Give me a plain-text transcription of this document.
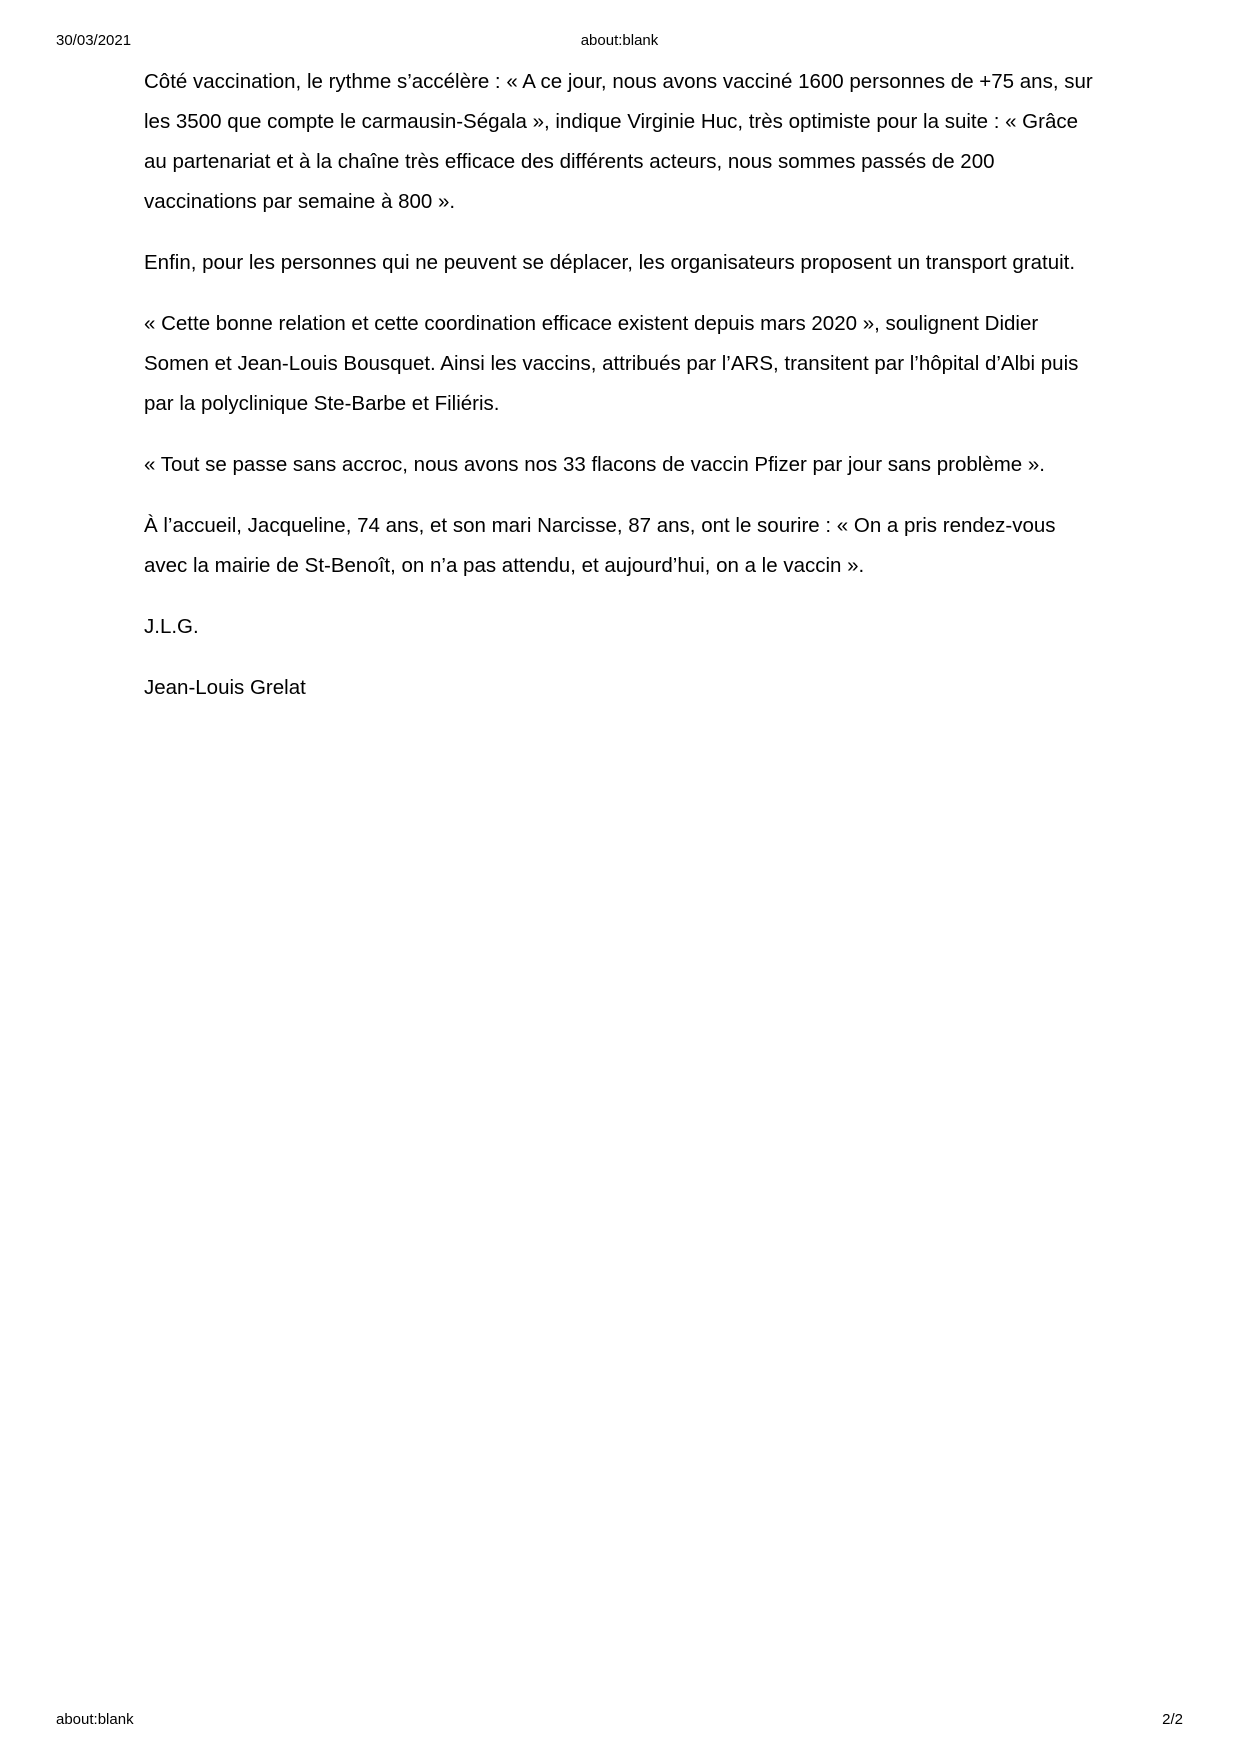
30/03/2021	about:blank

Côté vaccination, le rythme s’accélère : « A ce jour, nous avons vacciné 1600 personnes de +75 ans, sur les 3500 que compte le carmausin-Ségala », indique Virginie Huc, très optimiste pour la suite : « Grâce au partenariat et à la chaîne très efficace des différents acteurs, nous sommes passés de 200 vaccinations par semaine à 800 ».

Enfin, pour les personnes qui ne peuvent se déplacer, les organisateurs proposent un transport gratuit.

« Cette bonne relation et cette coordination efficace existent depuis mars 2020 », soulignent Didier Somen et Jean-Louis Bousquet. Ainsi les vaccins, attribués par l’ARS, transitent par l’hôpital d’Albi puis par la polyclinique Ste-Barbe et Filiéris.

« Tout se passe sans accroc, nous avons nos 33 flacons de vaccin Pfizer par jour sans problème ».

À l’accueil, Jacqueline, 74 ans, et son mari Narcisse, 87 ans, ont le sourire : « On a pris rendez-vous avec la mairie de St-Benoît, on n’a pas attendu, et aujourd’hui, on a le vaccin ».

J.L.G.

Jean-Louis Grelat

about:blank	2/2
